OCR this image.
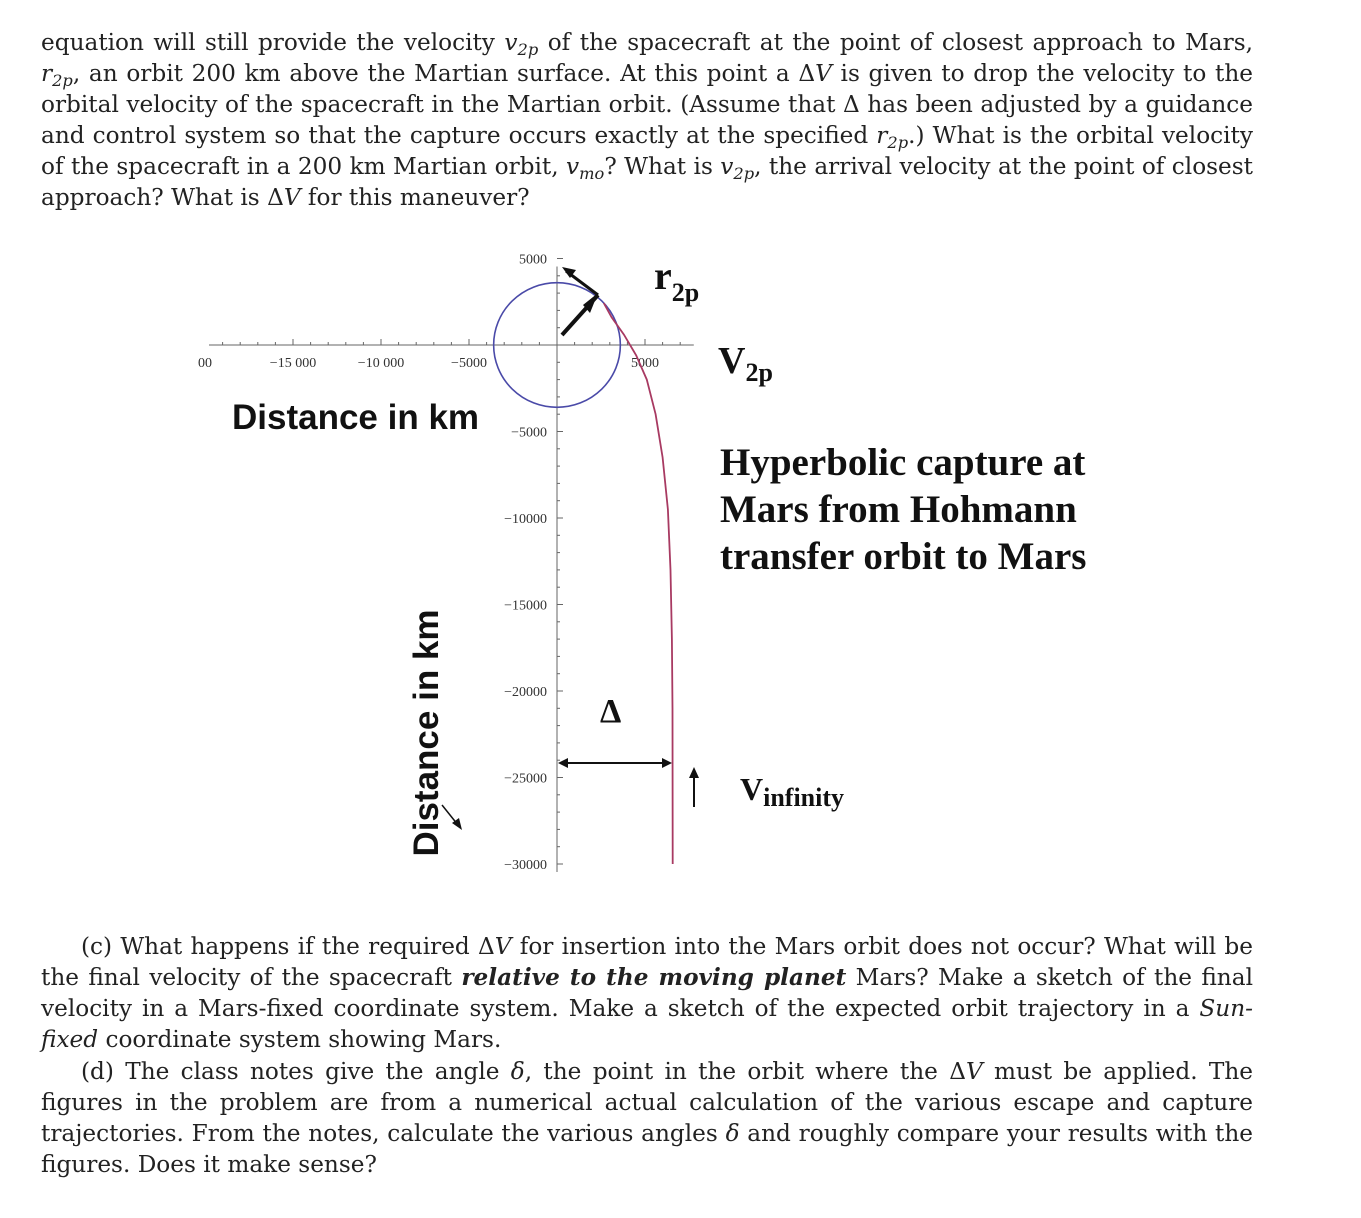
equation will still provide the velocity $v_{2p}$ of the spacecraft at the point of closest approach to Mars, $r_{2p}$, an orbit 200 km above the Martian surface. At this point a ΔV is given to drop the velocity to the orbital velocity of the spacecraft in the Martian orbit. (Assume that Δ has been adjusted by a guidance and control system so that the capture occurs exactly at the specified $r_{2p}$.) What is the orbital velocity of the spacecraft in a 200 km Martian orbit, $v_{mo}$? What is $v_{2p}$, the arrival velocity at the point of closest approach? What is ΔV for this maneuver?

00	−15 000	−10 000	−5000	5000
5000
−5000
−10000
−15000
−20000
−25000
−30000
Distance in km
Distance in km
$r_{2p}$
$V_{2p}$
Δ
Vinfinity
Hyperbolic capture at Mars from Hohmann transfer orbit to Mars

(c) What happens if the required ΔV for insertion into the Mars orbit does not occur? What will be the final velocity of the spacecraft relative to the moving planet Mars? Make a sketch of the final velocity in a Mars-fixed coordinate system. Make a sketch of the expected orbit trajectory in a Sun-fixed coordinate system showing Mars.

(d) The class notes give the angle δ, the point in the orbit where the ΔV must be applied. The figures in the problem are from a numerical actual calculation of the various escape and capture trajectories. From the notes, calculate the various angles δ and roughly compare your results with the figures. Does it make sense?
